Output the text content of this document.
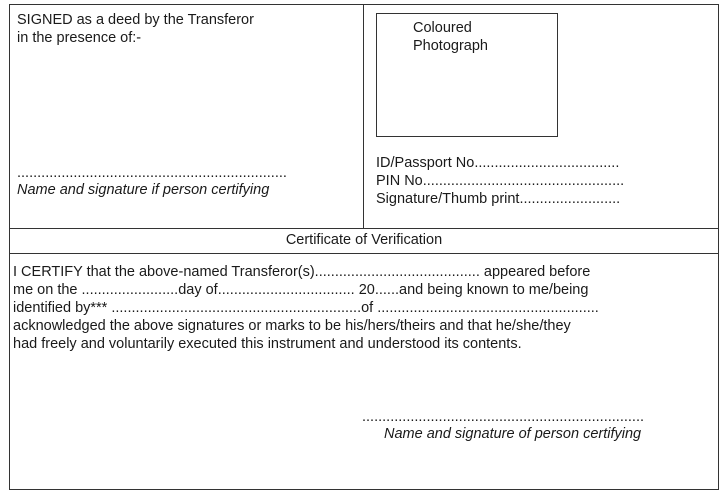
SIGNED as a deed by the Transferor
in the presence of:-
...................................................................
Name and signature if person certifying
Coloured
Photograph
ID/Passport No....................................
PIN No..................................................
Signature/Thumb print.........................
Certificate of Verification
I CERTIFY that the above-named Transferor(s)......................................... appeared before
me on the ........................day of.................................. 20......and being known to me/being
identified by*** ..............................................................of .......................................................
acknowledged the above signatures or marks to be his/hers/theirs and that he/she/they
had freely and voluntarily executed this instrument and understood its contents.
......................................................................
Name and signature of person certifying
